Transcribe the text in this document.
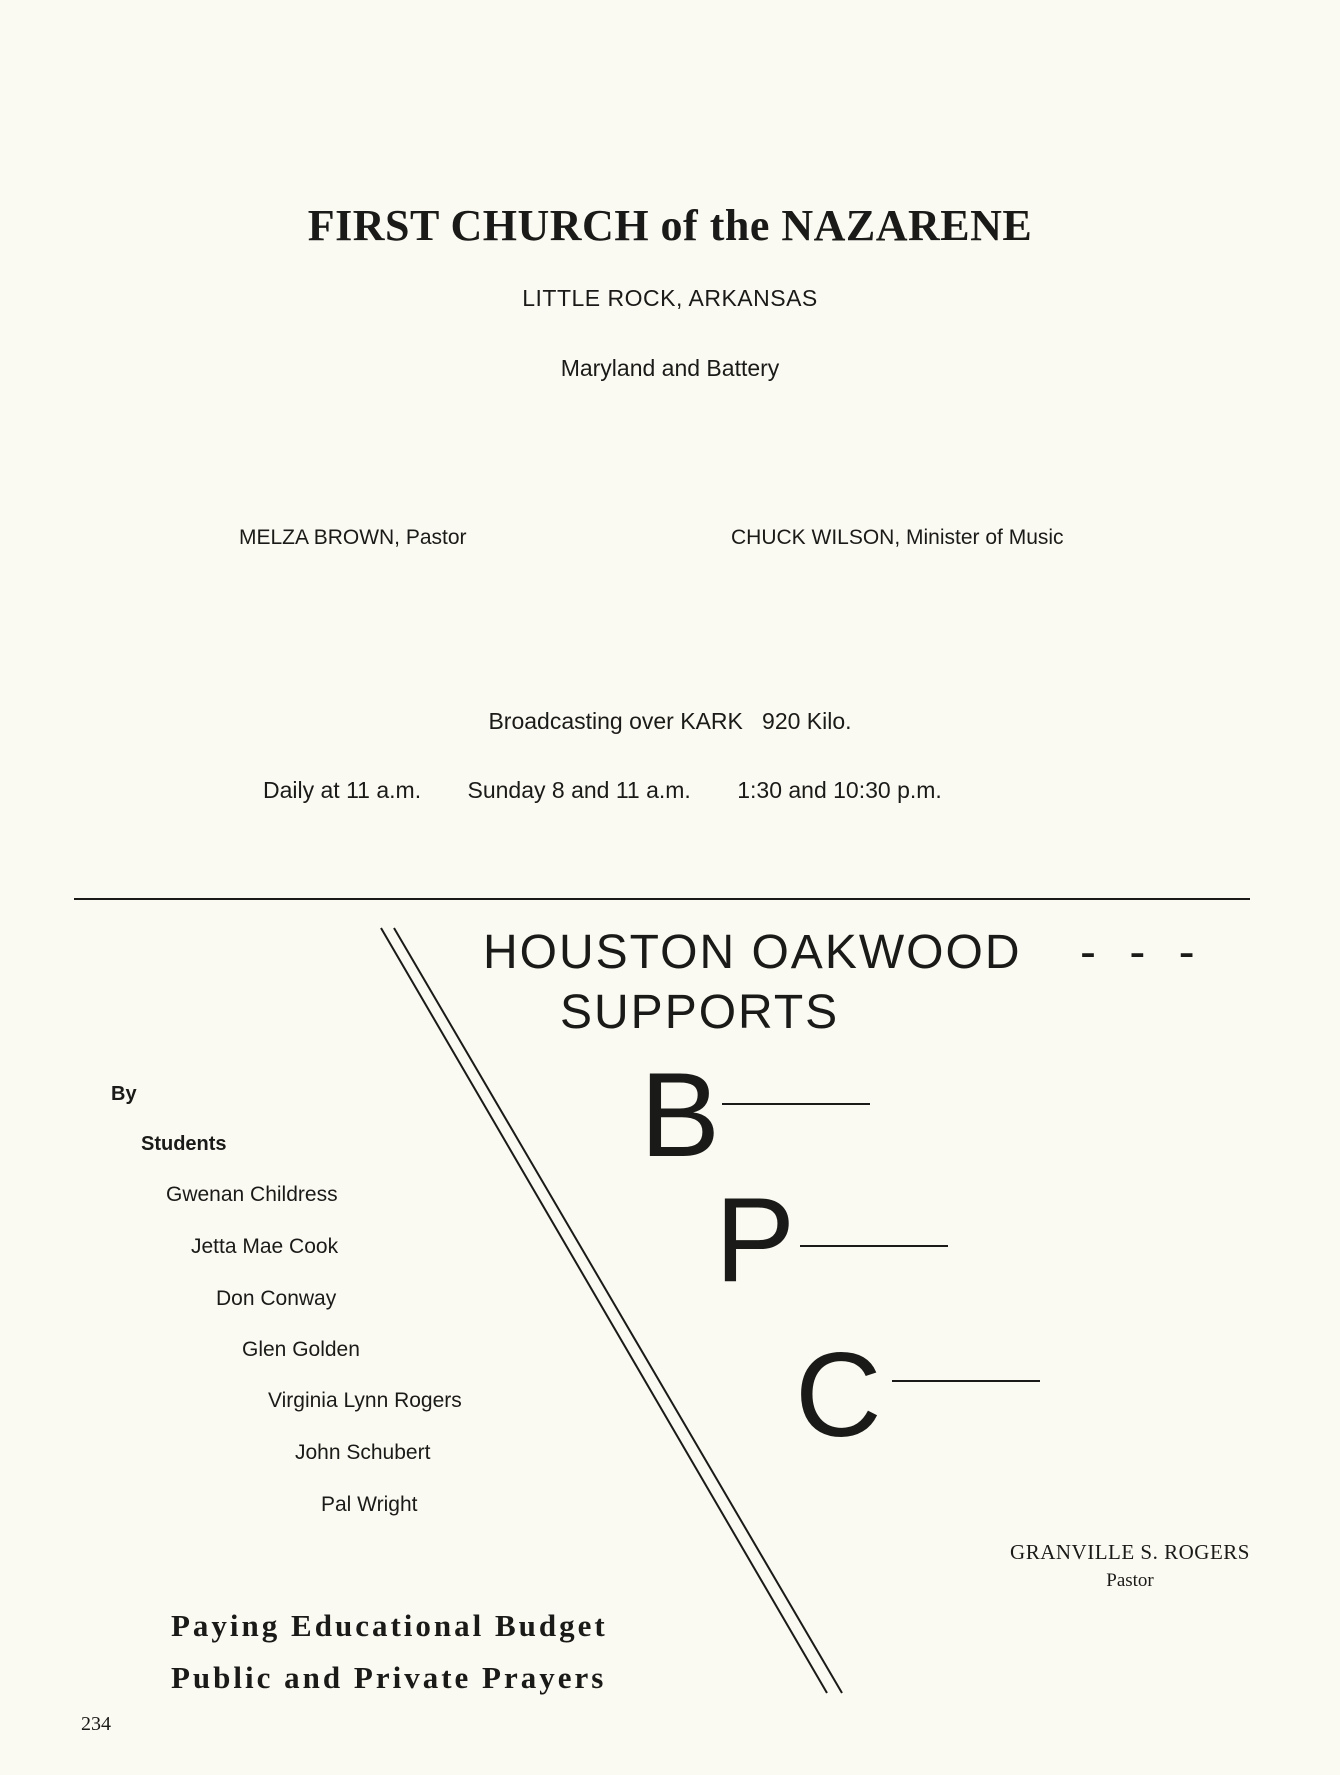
FIRST CHURCH of the NAZARENE
LITTLE ROCK, ARKANSAS
Maryland and Battery
MELZA BROWN, Pastor	CHUCK WILSON, Minister of Music
Broadcasting over KARK   920 Kilo.
Daily at 11 a.m. Sunday 8 and 11 a.m. 1:30 and 10:30 p.m.
HOUSTON OAKWOOD - - -
SUPPORTS
B
P
C
By
Students
Gwenan Childress
Jetta Mae Cook
Don Conway
Glen Golden
Virginia Lynn Rogers
John Schubert
Pal Wright
GRANVILLE S. ROGERS
Pastor
Paying Educational Budget
Public and Private Prayers
234
